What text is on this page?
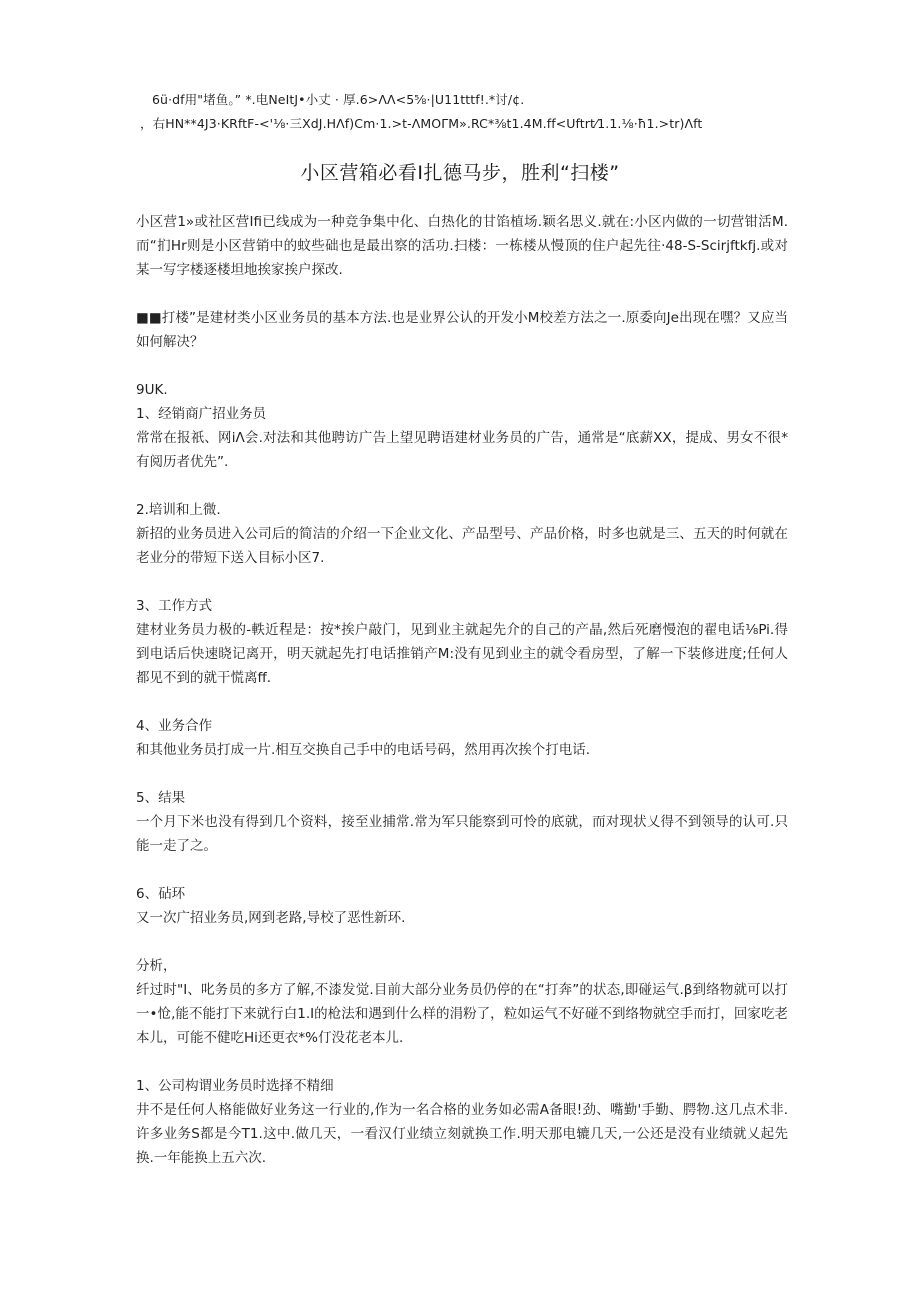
6ü·df用"堵鱼。” *.电NeItJ•小丈 · 厚.6>ΛΛ<5⅝·|U11tttf!.*讨/¢.
，右HN**4J3·KRftF-<'⅛·三XdJ.HΛf)Cm·1.>t-ΛMOΓM».RC*⅜t1.4M.ff<Uftrt⁄1.1.⅛·ħ1.>tr)Λft
小区营箱必看Ⅰ扎德马步，胜利“扫楼”

小区营1»或社区营Ifi已线成为一种竞争集中化、白热化的甘馅植场.颖名思义.就在:小区内做的一切营钳活M.而“扪Hr则是小区营销中的蚊些础也是最出察的活功.扫楼：一栋楼从慢顶的住户起先往·48-S-Scirjftkfj.或对某一写字楼逐楼坦地挨家挨户探改.

■■打楼”是建材类小区业务员的基本方法.也是业界公认的开发小M校差方法之一.原委向Je出现在嘿？又应当如何解决？

9UK.
1、经销商广招业务员
常常在报祇、网iΛ会.对法和其他聘访广告上望见聘语建材业务员的广告，通常是“底薪XX，提成、男女不很*有阅历者优先”.
2.培训和上微.
新招的业务员进入公司后的简洁的介绍一下企业文化、产品型号、产品价格，时多也就是三、五天的时何就在老业分的带短下送入目标小区7.
3、工作方式
建材业务员力极的-軼近程是：按*挨户敲门，见到业主就起先介的自己的产晶,然后死磨慢泡的翟电话⅛Pi.得到电话后快速晓记离开，明天就起先打电话推销产M:没有见到业主的就令看房型，了解一下装修进度;任何人都见不到的就干慌离ff.
4、业务合作
和其他业务员打成一片.相互交换自己手中的电话号码，然用再次挨个打电话.
5、结果
一个月下米也没有得到几个资料，接至业捕常.常为军只能察到可怜的底就，而对现状乂得不到领导的认可.只能一走了之。
6、砧环
又一次广招业务员,网到老路,导校了恶性新环.
分析，
纤过时"I、叱务员的多方了解,不漆发觉.目前大部分业务员仍停的在“打奔”的状态,即碰运气.β到络物就可以打一•怆,能不能打下来就行白1.I的枪法和遇到什么样的涓粉了，粒如运气不好碰不到络物就空手而打，回家吃老本儿，可能不健吃Hi还更衣*%仃没花老本儿.
1、公司构谓业务员时选择不精细
井不是任何人格能做好业务这一行业的,作为一名合格的业务如必需A备眼!劲、嘴勤'手勤、腭物.这几点术非.许多业务S都是今T1.这中.做几天，一看汉仃业绩立刻就换工作.明天那电辘几天,一公还是没有业绩就乂起先换.一年能换上五六次.
